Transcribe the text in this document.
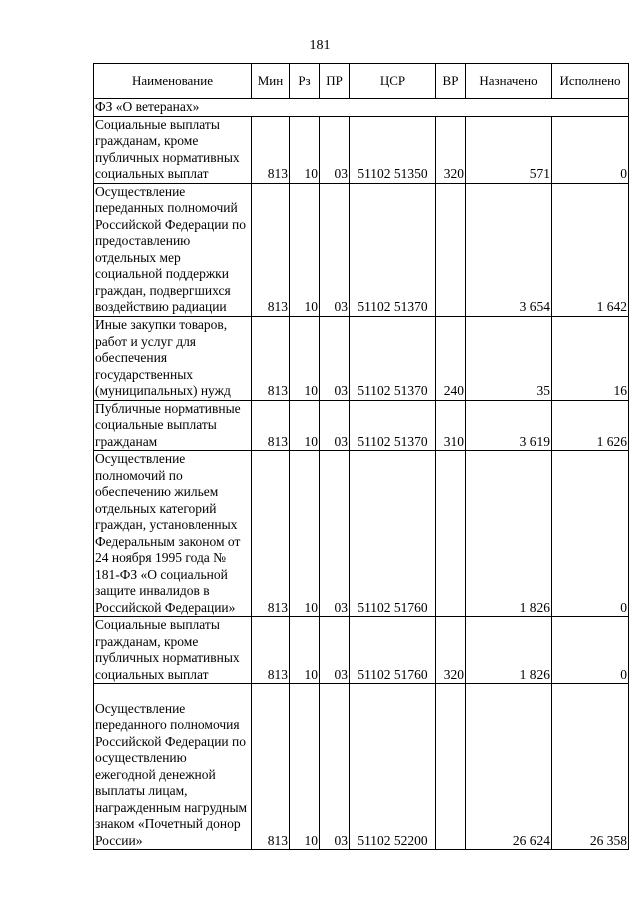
181
Наименование	Мин	Рз	ПР	ЦСР	ВР	Назначено	Исполнено
ФЗ «О ветеранах»							
Социальные выплаты гражданам, кроме публичных нормативных социальных выплат	813	10	03	51102 51350	320	571	0
Осуществление переданных полномочий Российской Федерации по предоставлению отдельных мер социальной поддержки граждан, подвергшихся воздействию радиации	813	10	03	51102 51370		3 654	1 642
Иные закупки товаров, работ и услуг для обеспечения государственных (муниципальных) нужд	813	10	03	51102 51370	240	35	16
Публичные нормативные социальные выплаты гражданам	813	10	03	51102 51370	310	3 619	1 626
Осуществление полномочий по обеспечению жильем отдельных категорий граждан, установленных Федеральным законом от 24 ноября 1995 года № 181-ФЗ «О социальной защите инвалидов в Российской Федерации»	813	10	03	51102 51760		1 826	0
Социальные выплаты гражданам, кроме публичных нормативных социальных выплат	813	10	03	51102 51760	320	1 826	0
Осуществление переданного полномочия Российской Федерации по осуществлению ежегодной денежной выплаты лицам, награжденным нагрудным знаком «Почетный донор России»	813	10	03	51102 52200		26 624	26 358
